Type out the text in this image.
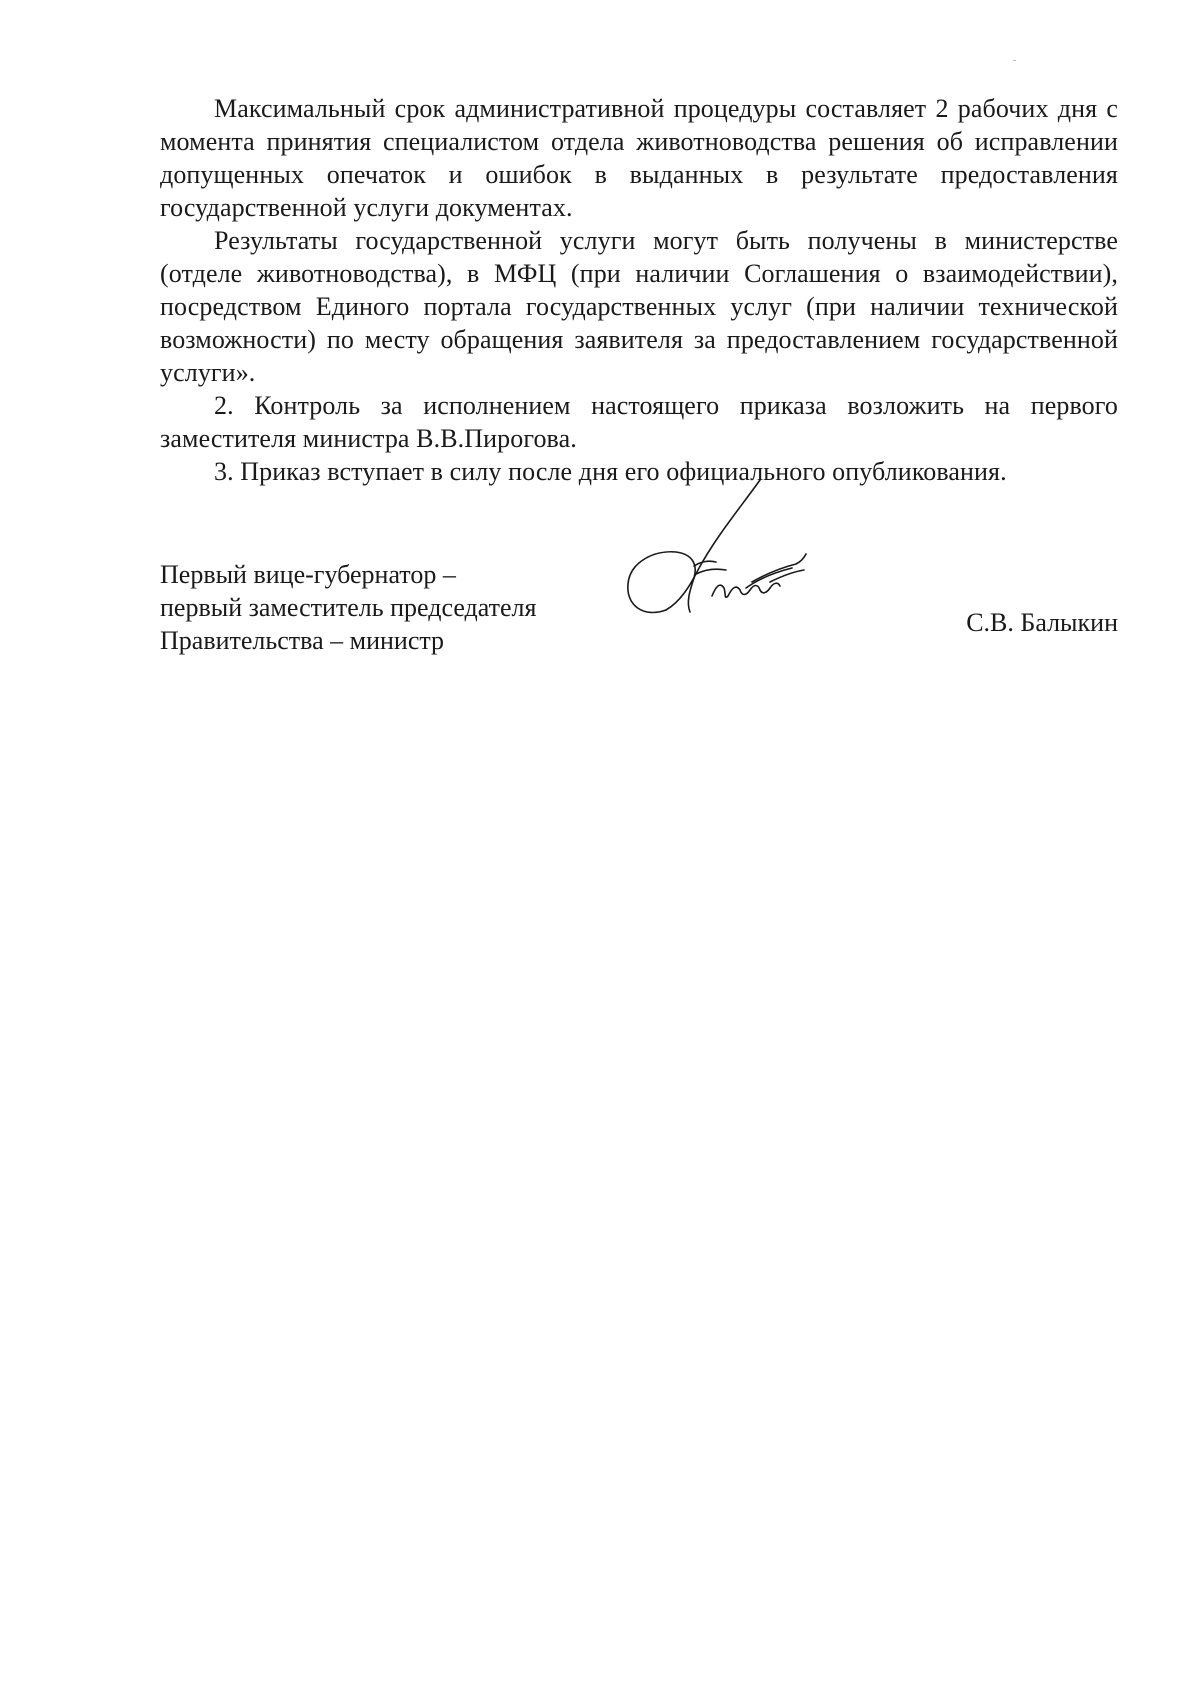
Максимальный срок административной процедуры составляет 2 рабочих дня с момента принятия специалистом отдела животноводства решения об исправлении допущенных опечаток и ошибок в выданных в результате предоставления государственной услуги документах.

Результаты государственной услуги могут быть получены в министерстве (отделе животноводства), в МФЦ (при наличии Соглашения о взаимодействии), посредством Единого портала государственных услуг (при наличии технической возможности) по месту обращения заявителя за предоставлением государственной услуги».

2. Контроль за исполнением настоящего приказа возложить на первого заместителя министра В.В.Пирогова.

3. Приказ вступает в силу после дня его официального опубликования.

Первый вице-губернатор –
первый заместитель председателя
Правительства – министр
С.В. Балыкин
